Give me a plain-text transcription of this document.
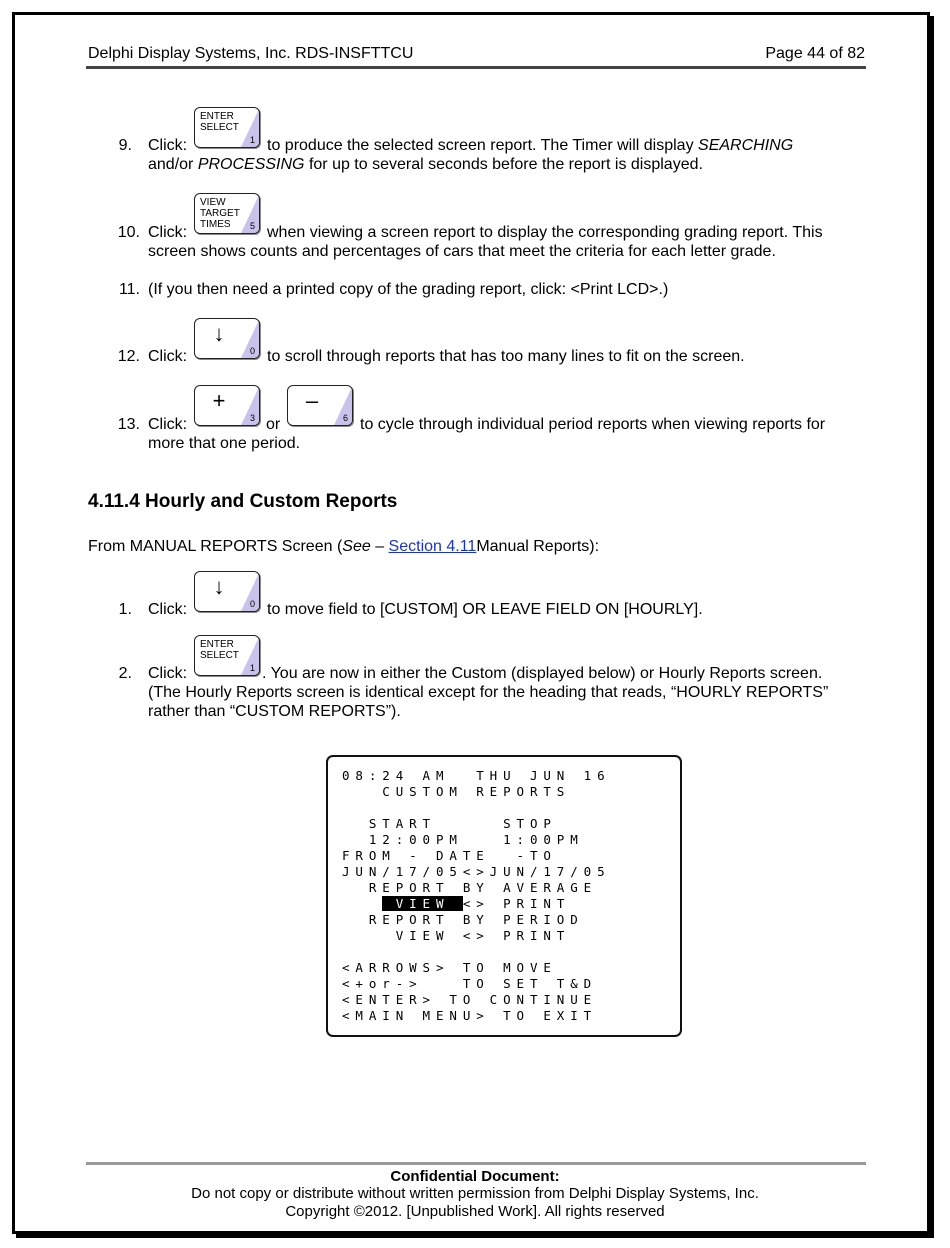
Delphi Display Systems, Inc. RDS-INSFTTCU	Page 44 of 82
9. Click:
ENTER
SELECT
1 to produce the selected screen report. The Timer will display SEARCHING
and/or PROCESSING for up to several seconds before the report is displayed.
10. Click:
VIEW
TARGET
TIMES	5 when viewing a screen report to display the corresponding grading report. This
screen shows counts and percentages of cars that meet the criteria for each letter grade.
11. (If you then need a printed copy of the grading report, click: <Print LCD>.)
12. Click:
↓
0 to scroll through reports that has too many lines to fit on the screen.
13. Click:
+
3 or
–
6 to cycle through individual period reports when viewing reports for
more that one period.
4.11.4 Hourly and Custom Reports
From MANUAL REPORTS Screen (See – Section 4.11Manual Reports):
1. Click:
↓
0 to move field to [CUSTOM] OR LEAVE FIELD ON [HOURLY].
2. Click:
ENTER
SELECT
1 . You are now in either the Custom (displayed below) or Hourly Reports screen.
(The Hourly Reports screen is identical except for the heading that reads, “HOURLY REPORTS”
rather than “CUSTOM REPORTS”).
08:24 AM  THU JUN 16
CUSTOM REPORTS
START     STOP
12:00PM   1:00PM
FROM - DATE  -TO
JUN/17/05<>JUN/17/05
REPORT BY AVERAGE
VIEW <> PRINT
REPORT BY PERIOD
VIEW <> PRINT
<ARROWS> TO MOVE
<+or->   TO SET T&D
<ENTER> TO CONTINUE
<MAIN MENU> TO EXIT
Confidential Document:
Do not copy or distribute without written permission from Delphi Display Systems, Inc.
Copyright ©2012. [Unpublished Work]. All rights reserved
